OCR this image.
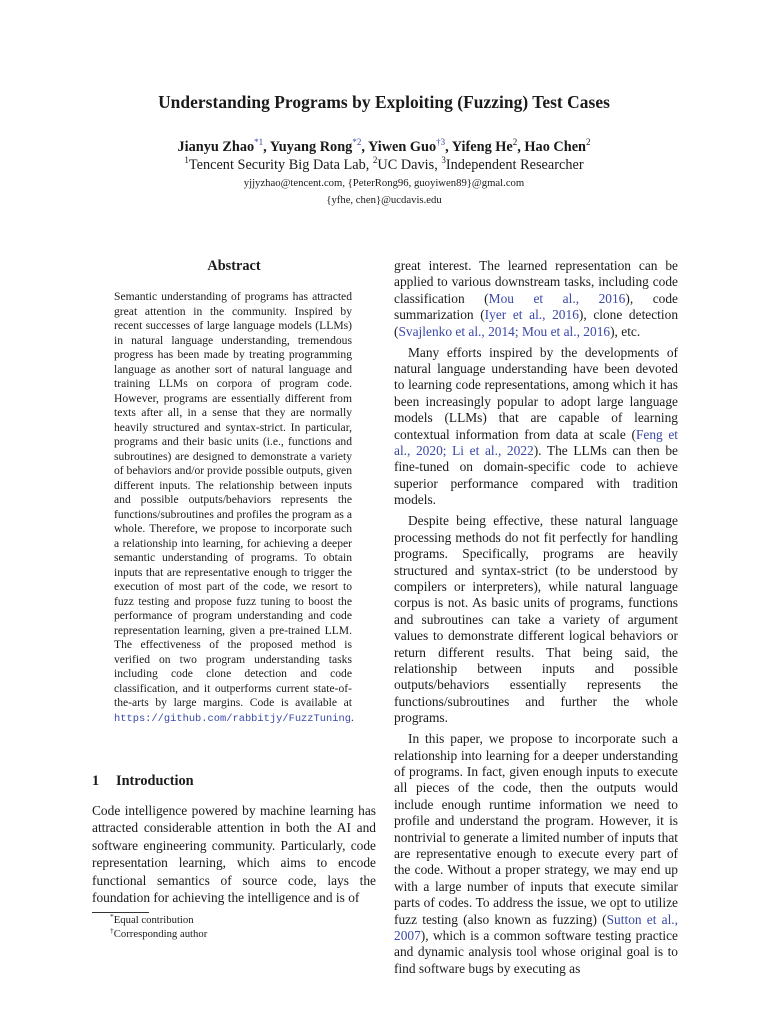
Understanding Programs by Exploiting (Fuzzing) Test Cases
Jianyu Zhao$^{*1}$, Yuyang Rong$^{*2}$, Yiwen Guo$^{\dagger 3}$, Yifeng He$^2$, Hao Chen$^2$
$^1$Tencent Security Big Data Lab, $^2$UC Davis, $^3$Independent Researcher
yjjyzhao@tencent.com, {PeterRong96, guoyiwen89}@gmal.com
{yfhe, chen}@ucdavis.edu
Abstract
Semantic understanding of programs has attracted great attention in the community. Inspired by recent successes of large language models (LLMs) in natural language understanding, tremendous progress has been made by treating programming language as another sort of natural language and training LLMs on corpora of program code. However, programs are essentially different from texts after all, in a sense that they are normally heavily structured and syntax-strict. In particular, programs and their basic units (i.e., functions and subroutines) are designed to demonstrate a variety of behaviors and/or provide possible outputs, given different inputs. The relationship between inputs and possible outputs/behaviors represents the functions/subroutines and profiles the program as a whole. Therefore, we propose to incorporate such a relationship into learning, for achieving a deeper semantic understanding of programs. To obtain inputs that are representative enough to trigger the execution of most part of the code, we resort to fuzz testing and propose fuzz tuning to boost the performance of program understanding and code representation learning, given a pre-trained LLM. The effectiveness of the proposed method is verified on two program understanding tasks including code clone detection and code classification, and it outperforms current state-of-the-arts by large margins. Code is available at https://github.com/rabbitjy/FuzzTuning.
1 Introduction
Code intelligence powered by machine learning has attracted considerable attention in both the AI and software engineering community. Particularly, code representation learning, which aims to encode functional semantics of source code, lays the foundation for achieving the intelligence and is of
*Equal contribution
†Corresponding author

great interest. The learned representation can be applied to various downstream tasks, including code classification (Mou et al., 2016), code summarization (Iyer et al., 2016), clone detection (Svajlenko et al., 2014; Mou et al., 2016), etc.

Many efforts inspired by the developments of natural language understanding have been devoted to learning code representations, among which it has been increasingly popular to adopt large language models (LLMs) that are capable of learning contextual information from data at scale (Feng et al., 2020; Li et al., 2022). The LLMs can then be fine-tuned on domain-specific code to achieve superior performance compared with tradition models.

Despite being effective, these natural language processing methods do not fit perfectly for handling programs. Specifically, programs are heavily structured and syntax-strict (to be understood by compilers or interpreters), while natural language corpus is not. As basic units of programs, functions and subroutines can take a variety of argument values to demonstrate different logical behaviors or return different results. That being said, the relationship between inputs and possible outputs/behaviors essentially represents the functions/subroutines and further the whole programs.

In this paper, we propose to incorporate such a relationship into learning for a deeper understanding of programs. In fact, given enough inputs to execute all pieces of the code, then the outputs would include enough runtime information we need to profile and understand the program. However, it is nontrivial to generate a limited number of inputs that are representative enough to execute every part of the code. Without a proper strategy, we may end up with a large number of inputs that execute similar parts of codes. To address the issue, we opt to utilize fuzz testing (also known as fuzzing) (Sutton et al., 2007), which is a common software testing practice and dynamic analysis tool whose original goal is to find software bugs by executing as
